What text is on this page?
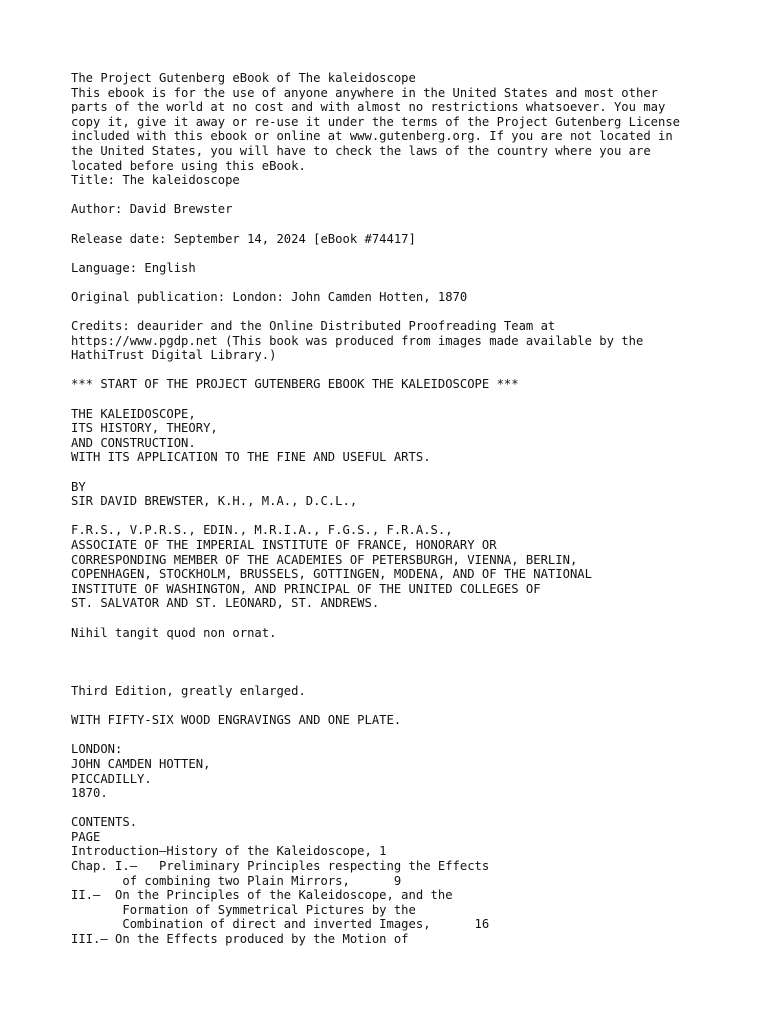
The Project Gutenberg eBook of The kaleidoscope
This ebook is for the use of anyone anywhere in the United States and most other
parts of the world at no cost and with almost no restrictions whatsoever. You may
copy it, give it away or re-use it under the terms of the Project Gutenberg License
included with this ebook or online at www.gutenberg.org. If you are not located in
the United States, you will have to check the laws of the country where you are
located before using this eBook.
Title: The kaleidoscope
Author: David Brewster
Release date: September 14, 2024 [eBook #74417]
Language: English
Original publication: London: John Camden Hotten, 1870
Credits: deaurider and the Online Distributed Proofreading Team at
https://www.pgdp.net (This book was produced from images made available by the
HathiTrust Digital Library.)
*** START OF THE PROJECT GUTENBERG EBOOK THE KALEIDOSCOPE ***
THE KALEIDOSCOPE,
ITS HISTORY, THEORY,
AND CONSTRUCTION.
WITH ITS APPLICATION TO THE FINE AND USEFUL ARTS.
BY
SIR DAVID BREWSTER, K.H., M.A., D.C.L.,
F.R.S., V.P.R.S., EDIN., M.R.I.A., F.G.S., F.R.A.S.,
ASSOCIATE OF THE IMPERIAL INSTITUTE OF FRANCE, HONORARY OR
CORRESPONDING MEMBER OF THE ACADEMIES OF PETERSBURGH, VIENNA, BERLIN,
COPENHAGEN, STOCKHOLM, BRUSSELS, GOTTINGEN, MODENA, AND OF THE NATIONAL
INSTITUTE OF WASHINGTON, AND PRINCIPAL OF THE UNITED COLLEGES OF
ST. SALVATOR AND ST. LEONARD, ST. ANDREWS.
Nihil tangit quod non ornat.
Third Edition, greatly enlarged.
WITH FIFTY-SIX WOOD ENGRAVINGS AND ONE PLATE.
LONDON:
JOHN CAMDEN HOTTEN,
PICCADILLY.
1870.
CONTENTS.
PAGE
Introduction—History of the Kaleidoscope, 1
Chap. I.—   Preliminary Principles respecting the Effects
of combining two Plain Mirrors,      9
II.—  On the Principles of the Kaleidoscope, and the
Formation of Symmetrical Pictures by the
Combination of direct and inverted Images,      16
III.— On the Effects produced by the Motion of
